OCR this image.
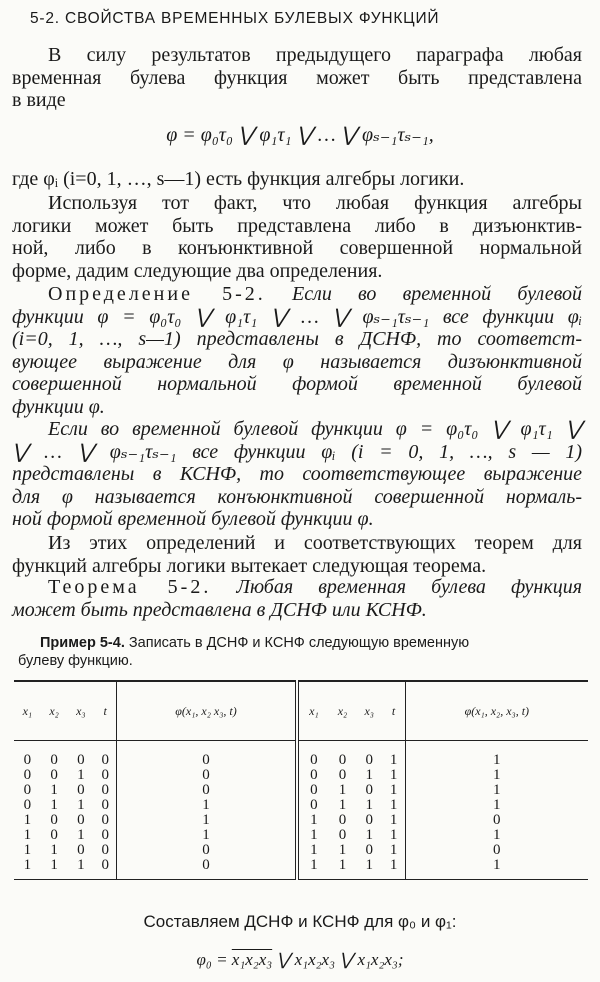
5-2. СВОЙСТВА ВРЕМЕННЫХ БУЛЕВЫХ ФУНКЦИЙ
В силу результатов предыдущего параграфа любая
временная булева функция может быть представлена
в виде
φ = φ₀τ₀ ⋁ φ₁τ₁ ⋁ … ⋁ φₛ₋₁τₛ₋₁,
где φᵢ (i=0, 1, …, s—1) есть функция алгебры логики.
Используя тот факт, что любая функция алгебры
логики может быть представлена либо в дизъюнктив-
ной, либо в конъюнктивной совершенной нормальной
форме, дадим следующие два определения.
Определение 5-2. Если во временной булевой
функции φ = φ₀τ₀ ⋁ φ₁τ₁ ⋁ … ⋁ φₛ₋₁τₛ₋₁ все функции φᵢ
(i=0, 1, …, s—1) представлены в ДСНФ, то соответст-
вующее выражение для φ называется дизъюнктивной
совершенной нормальной формой временной булевой
функции φ.
Если во временной булевой функции φ = φ₀τ₀ ⋁ φ₁τ₁ ⋁
⋁ … ⋁ φₛ₋₁τₛ₋₁ все функции φᵢ (i = 0, 1, …, s — 1)
представлены в КСНФ, то соответствующее выражение
для φ называется конъюнктивной совершенной нормаль-
ной формой временной булевой функции φ.
Из этих определений и соответствующих теорем для
функций алгебры логики вытекает следующая теорема.
Теорема 5-2. Любая временная булева функция
может быть представлена в ДСНФ или КСНФ.
Пример 5-4. Записать в ДСНФ и КСНФ следующую временную
булеву функцию.
x₁	x₂	x₃	t	φ(x₁, x₂ x₃, t)	x₁	x₂	x₃	t	φ(x₁, x₂, x₃, t)

0	0	0	0	0	0	0	0	1	1
0	0	1	0	0	0	0	1	1	1
0	1	0	0	0	0	1	0	1	1
0	1	1	0	1	0	1	1	1	1
1	0	0	0	1	1	0	0	1	0
1	0	1	0	1	1	0	1	1	1
1	1	0	0	0	1	1	0	1	0
1	1	1	0	0	1	1	1	1	1

Составляем ДСНФ и КСНФ для φ₀ и φ₁:
φ₀ = x₁x₂x₃ ⋁ x₁x₂x₃ ⋁ x₁x₂x₃;
